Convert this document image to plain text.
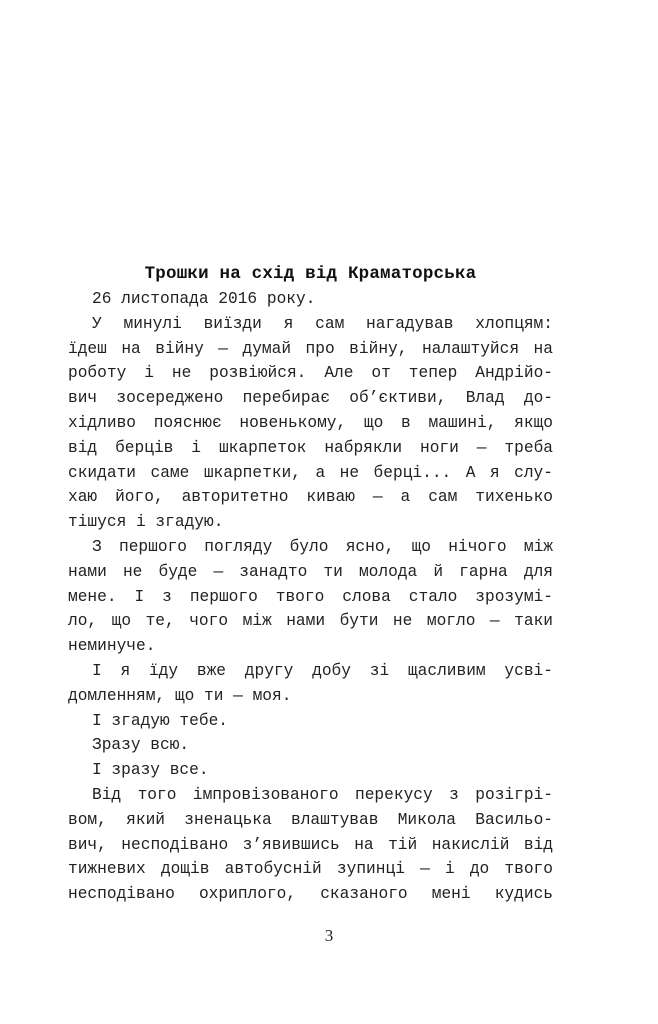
Трошки на схід від Краматорська
26 листопада 2016 року.
У минулі виїзди я сам нагадував хлопцям:
їдеш на війну — думай про війну, налаштуйся на
роботу і не розвіюйся. Але от тепер Андрійо-
вич зосереджено перебирає об’єктиви, Влад до-
хідливо пояснює новенькому, що в машині, якщо
від берців і шкарпеток набрякли ноги — треба
скидати саме шкарпетки, а не берці... А я слу-
хаю його, авторитетно киваю — а сам тихенько
тішуся і згадую.
З першого погляду було ясно, що нічого між
нами не буде — занадто ти молода й гарна для
мене. І з першого твого слова стало зрозумі-
ло, що те, чого між нами бути не могло — таки
неминуче.
І я їду вже другу добу зі щасливим усві-
домленням, що ти — моя.
І згадую тебе.
Зразу всю.
І зразу все.
Від того імпровізованого перекусу з розігрі-
вом, який зненацька влаштував Микола Васильо-
вич, несподівано з’явившись на тій накислій від
тижневих дощів автобусній зупинці — і до твого
несподівано охриплого, сказаного мені кудись
3
